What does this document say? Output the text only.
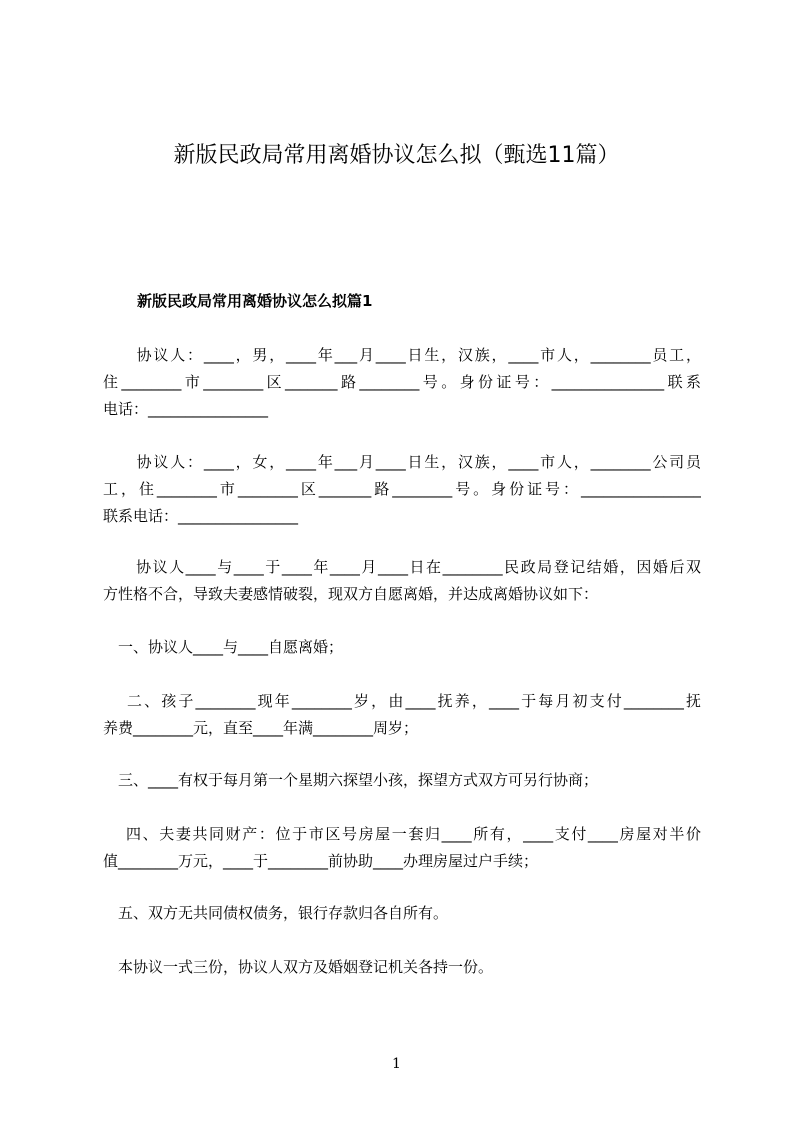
新版民政局常用离婚协议怎么拟（甄选11篇）
新版民政局常用离婚协议怎么拟篇1
　　协议人：____，男，____年___月____日生，汉族，____市人，________员工，
住________市________区_______路________号。身份证号：_______________联系
电话：________________
　　协议人：____，女，____年___月____日生，汉族，____市人，________公司员
工，住________市________区_______路________号。身份证号：________________
联系电话：________________
　　协议人____与____于____年____月____日在________民政局登记结婚，因婚后双
方性格不合，导致夫妻感情破裂，现双方自愿离婚，并达成离婚协议如下：
　一、协议人____与____自愿离婚；
　 二、孩子________现年________岁，由____抚养，____于每月初支付________抚
养费________元，直至____年满________周岁；
　三、____有权于每月第一个星期六探望小孩，探望方式双方可另行协商；
　 四、夫妻共同财产：位于市区号房屋一套归____所有，____支付____房屋对半价
值________万元，____于________前协助____办理房屋过户手续；
　五、双方无共同债权债务，银行存款归各自所有。
　本协议一式三份，协议人双方及婚姻登记机关各持一份。
1
